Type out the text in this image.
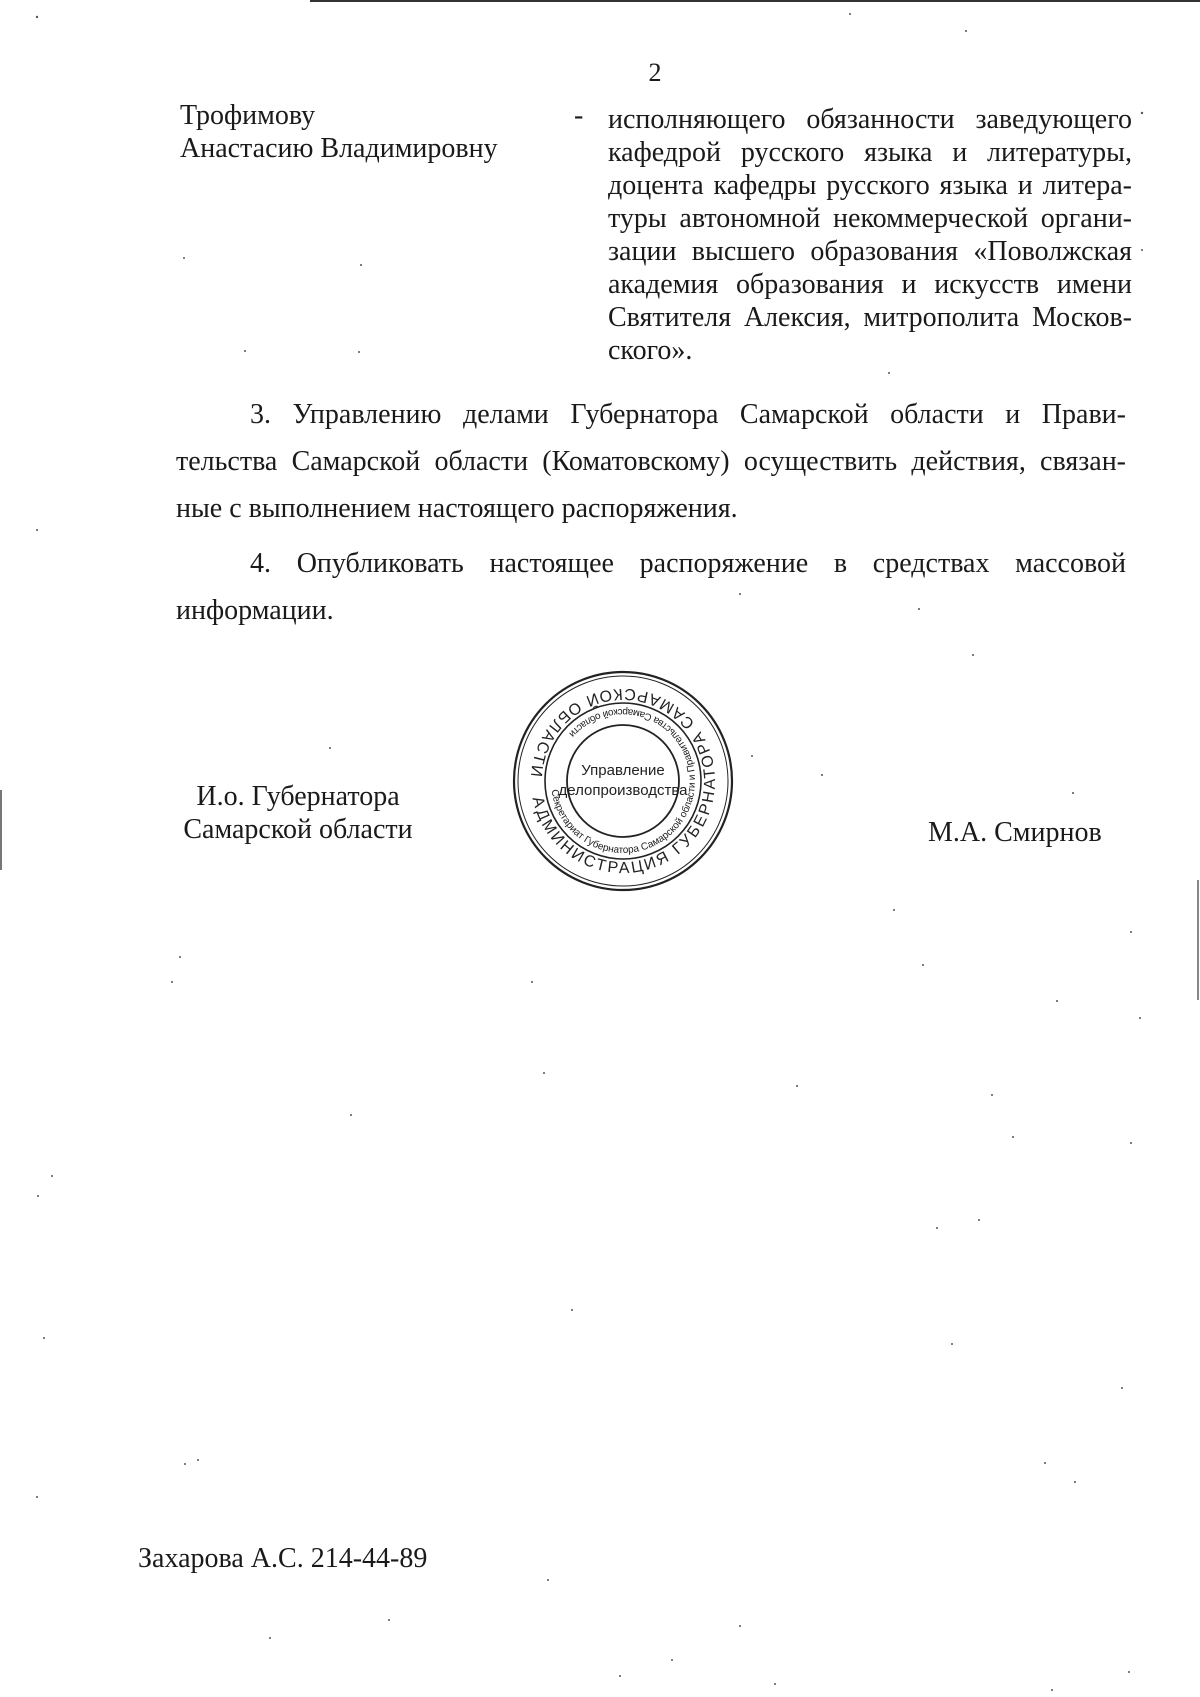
2
Трофимову
Анастасию Владимировну
- исполняющего обязанности заведующего
кафедрой русского языка и литературы,
доцента кафедры русского языка и литера-
туры автономной некоммерческой органи-
зации высшего образования «Поволжская
академия образования и искусств имени
Святителя Алексия, митрополита Москов-
ского».
3. Управлению делами Губернатора Самарской области и Прави-
тельства Самарской области (Коматовскому) осуществить действия, связан-
ные с выполнением настоящего распоряжения.
4. Опубликовать настоящее распоряжение в средствах массовой
информации.
И.о. Губернатора
Самарской области
АДМИНИСТРАЦИЯ ГУБЕРНАТОРА САМАРСКОЙ ОБЛАСТИ
Секретариат Губернатора Самарской области и Правительства Самарской области
Управление
делопроизводства
М.А. Смирнов
Захарова А.С. 214-44-89
